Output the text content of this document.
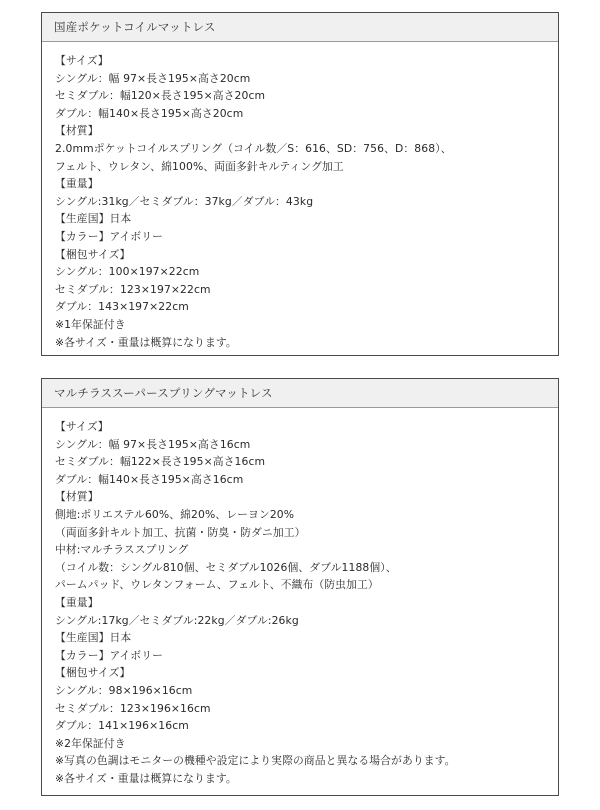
国産ポケットコイルマットレス
【サイズ】
シングル：幅 97×長さ195×高さ20cm
セミダブル：幅120×長さ195×高さ20cm
ダブル：幅140×長さ195×高さ20cm
【材質】
2.0mmポケットコイルスプリング（コイル数／S：616、SD：756、D：868）、
フェルト、ウレタン、綿100%、両面多針キルティング加工
【重量】
シングル:31kg／セミダブル：37kg／ダブル：43kg
【生産国】日本
【カラー】アイボリー
【梱包サイズ】
シングル：100×197×22cm
セミダブル：123×197×22cm
ダブル：143×197×22cm
※1年保証付き
※各サイズ・重量は概算になります。
マルチラススーパースプリングマットレス
【サイズ】
シングル：幅 97×長さ195×高さ16cm
セミダブル：幅122×長さ195×高さ16cm
ダブル：幅140×長さ195×高さ16cm
【材質】
側地:ポリエステル60%、綿20%、レーヨン20%
（両面多針キルト加工、抗菌・防臭・防ダニ加工）
中材:マルチラススプリング
（コイル数：シングル810個、セミダブル1026個、ダブル1188個）、
パームパッド、ウレタンフォーム、フェルト、不織布（防虫加工）
【重量】
シングル:17kg／セミダブル:22kg／ダブル:26kg
【生産国】日本
【カラー】アイボリー
【梱包サイズ】
シングル：98×196×16cm
セミダブル：123×196×16cm
ダブル：141×196×16cm
※2年保証付き
※写真の色調はモニターの機種や設定により実際の商品と異なる場合があります。
※各サイズ・重量は概算になります。
